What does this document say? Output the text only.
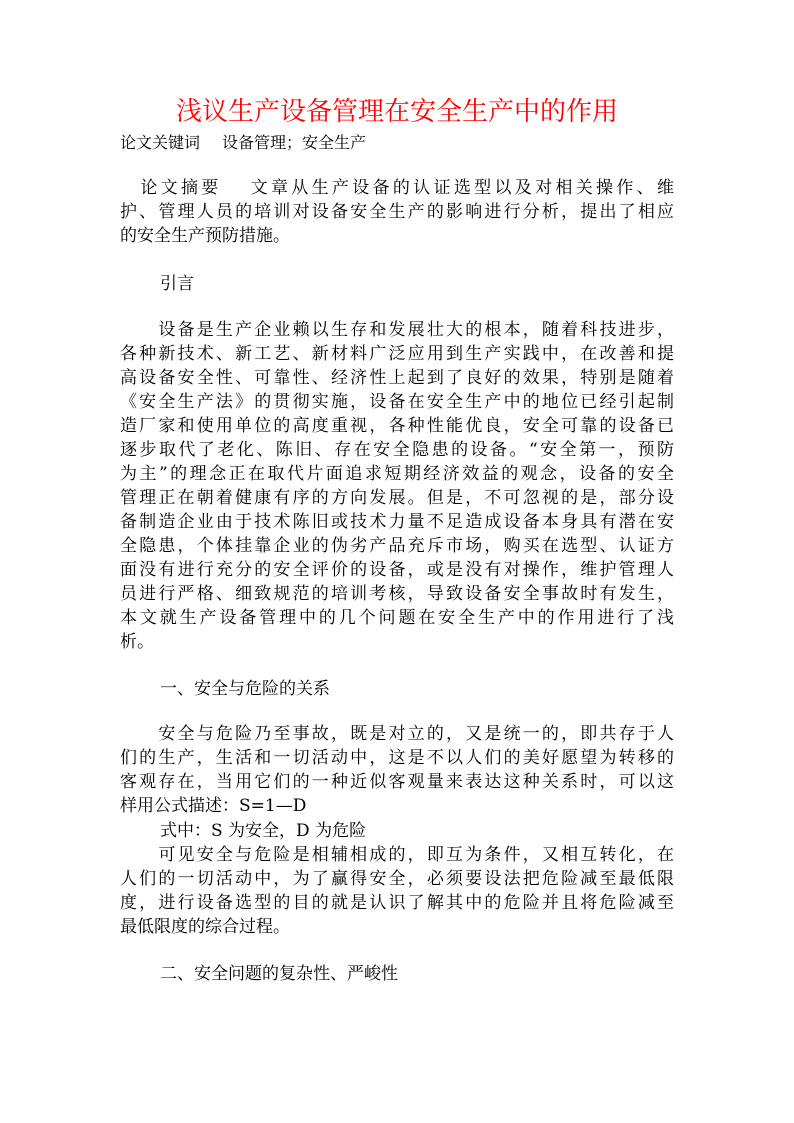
浅议生产设备管理在安全生产中的作用
论文关键词 设备管理；安全生产
　论文摘要　 文章从生产设备的认证选型以及对相关操作、维
护、管理人员的培训对设备安全生产的影响进行分析，提出了相应
的安全生产预防措施。
引言
　　设备是生产企业赖以生存和发展壮大的根本，随着科技进步，
各种新技术、新工艺、新材料广泛应用到生产实践中，在改善和提
高设备安全性、可靠性、经济性上起到了良好的效果，特别是随着
《安全生产法》的贯彻实施，设备在安全生产中的地位已经引起制
造厂家和使用单位的高度重视，各种性能优良，安全可靠的设备已
逐步取代了老化、陈旧、存在安全隐患的设备。“安全第一，预防
为主”的理念正在取代片面追求短期经济效益的观念，设备的安全
管理正在朝着健康有序的方向发展。但是，不可忽视的是，部分设
备制造企业由于技术陈旧或技术力量不足造成设备本身具有潜在安
全隐患，个体挂靠企业的伪劣产品充斥市场，购买在选型、认证方
面没有进行充分的安全评价的设备，或是没有对操作，维护管理人
员进行严格、细致规范的培训考核，导致设备安全事故时有发生，
本文就生产设备管理中的几个问题在安全生产中的作用进行了浅
析。
一、安全与危险的关系
　　安全与危险乃至事故，既是对立的，又是统一的，即共存于人
们的生产，生活和一切活动中，这是不以人们的美好愿望为转移的
客观存在，当用它们的一种近似客观量来表达这种关系时，可以这
样用公式描述：S=1—D
式中：S 为安全，D 为危险
　　可见安全与危险是相辅相成的，即互为条件，又相互转化，在
人们的一切活动中，为了赢得安全，必须要设法把危险减至最低限
度，进行设备选型的目的就是认识了解其中的危险并且将危险减至
最低限度的综合过程。
二、安全问题的复杂性、严峻性
